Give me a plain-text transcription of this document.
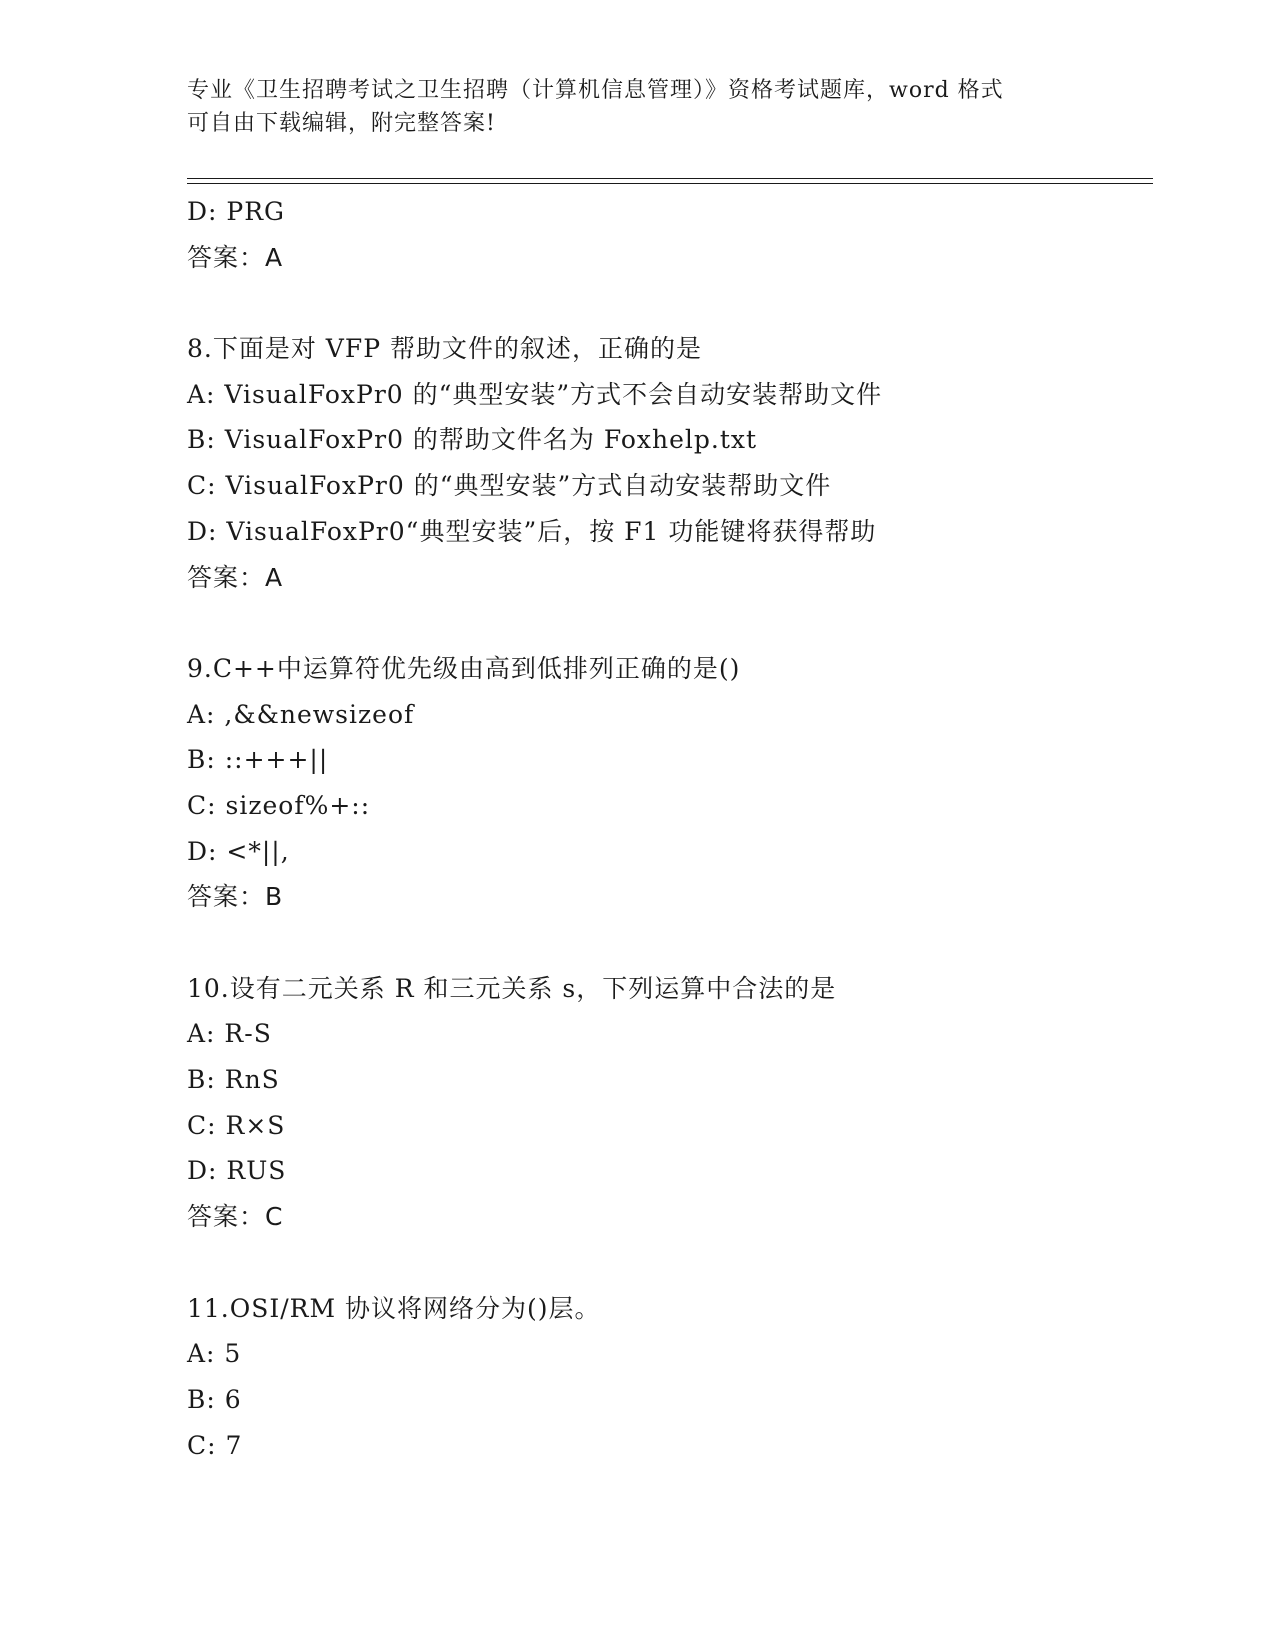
专业《卫生招聘考试之卫生招聘（计算机信息管理）》资格考试题库，word 格式
可自由下载编辑，附完整答案!
D: PRG
答案：A
8.下面是对 VFP 帮助文件的叙述，正确的是
A: VisualFoxPr0 的“典型安装”方式不会自动安装帮助文件
B: VisualFoxPr0 的帮助文件名为 Foxhelp.txt
C: VisualFoxPr0 的“典型安装”方式自动安装帮助文件
D: VisualFoxPr0“典型安装”后，按 F1 功能键将获得帮助
答案：A
9.C++中运算符优先级由高到低排列正确的是()
A: ,&&newsizeof
B: ::+++||
C: sizeof%+::
D: <*||,
答案：B
10.设有二元关系 R 和三元关系 s，下列运算中合法的是
A: R-S
B: RnS
C: R×S
D: RUS
答案：C
11.OSI/RM 协议将网络分为()层。
A: 5
B: 6
C: 7
